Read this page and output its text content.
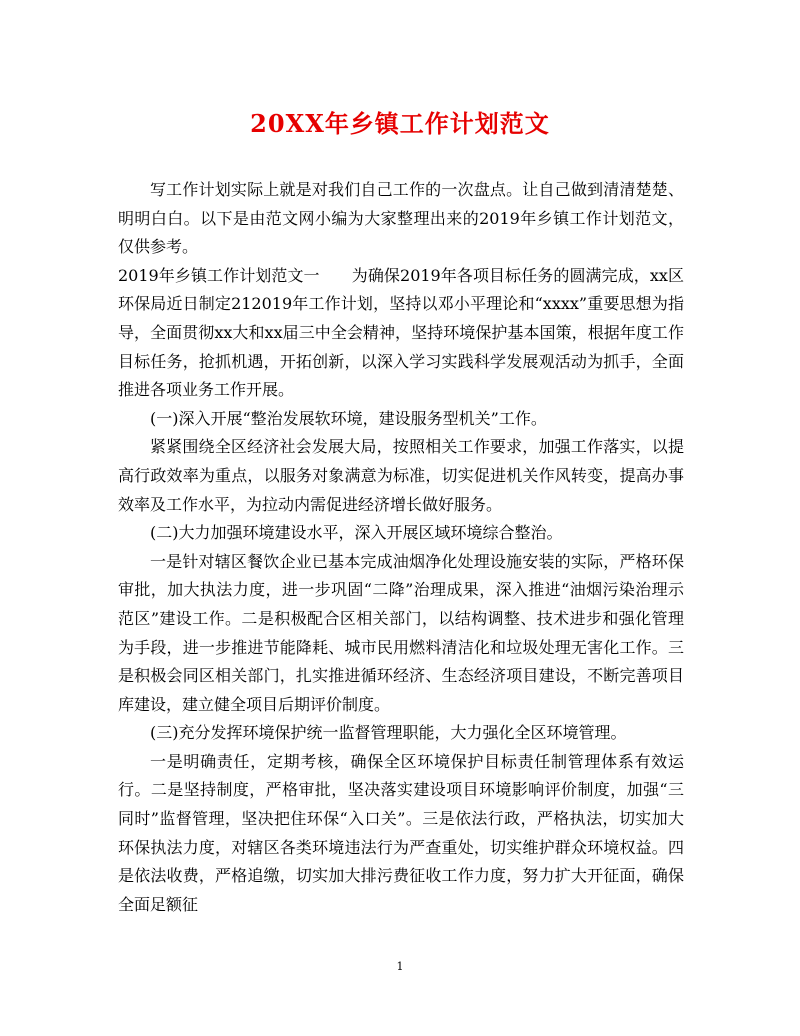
20XX年乡镇工作计划范文

写工作计划实际上就是对我们自己工作的一次盘点。让自己做到清清楚楚、明明白白。以下是由范文网小编为大家整理出来的2019年乡镇工作计划范文，仅供参考。

2019年乡镇工作计划范文一　　为确保2019年各项目标任务的圆满完成，xx区环保局近日制定212019年工作计划，坚持以邓小平理论和“xxxx”重要思想为指导，全面贯彻xx大和xx届三中全会精神，坚持环境保护基本国策，根据年度工作目标任务，抢抓机遇，开拓创新，以深入学习实践科学发展观活动为抓手，全面推进各项业务工作开展。

(一)深入开展“整治发展软环境，建设服务型机关”工作。

紧紧围绕全区经济社会发展大局，按照相关工作要求，加强工作落实，以提高行政效率为重点，以服务对象满意为标准，切实促进机关作风转变，提高办事效率及工作水平，为拉动内需促进经济增长做好服务。

(二)大力加强环境建设水平，深入开展区域环境综合整治。

一是针对辖区餐饮企业已基本完成油烟净化处理设施安装的实际，严格环保审批，加大执法力度，进一步巩固“二降”治理成果，深入推进“油烟污染治理示范区”建设工作。二是积极配合区相关部门，以结构调整、技术进步和强化管理为手段，进一步推进节能降耗、城市民用燃料清洁化和垃圾处理无害化工作。三是积极会同区相关部门，扎实推进循环经济、生态经济项目建设，不断完善项目库建设，建立健全项目后期评价制度。

(三)充分发挥环境保护统一监督管理职能，大力强化全区环境管理。

一是明确责任，定期考核，确保全区环境保护目标责任制管理体系有效运行。二是坚持制度，严格审批，坚决落实建设项目环境影响评价制度，加强“三同时”监督管理，坚决把住环保“入口关”。三是依法行政，严格执法，切实加大环保执法力度，对辖区各类环境违法行为严查重处，切实维护群众环境权益。四是依法收费，严格追缴，切实加大排污费征收工作力度，努力扩大开征面，确保全面足额征

1
